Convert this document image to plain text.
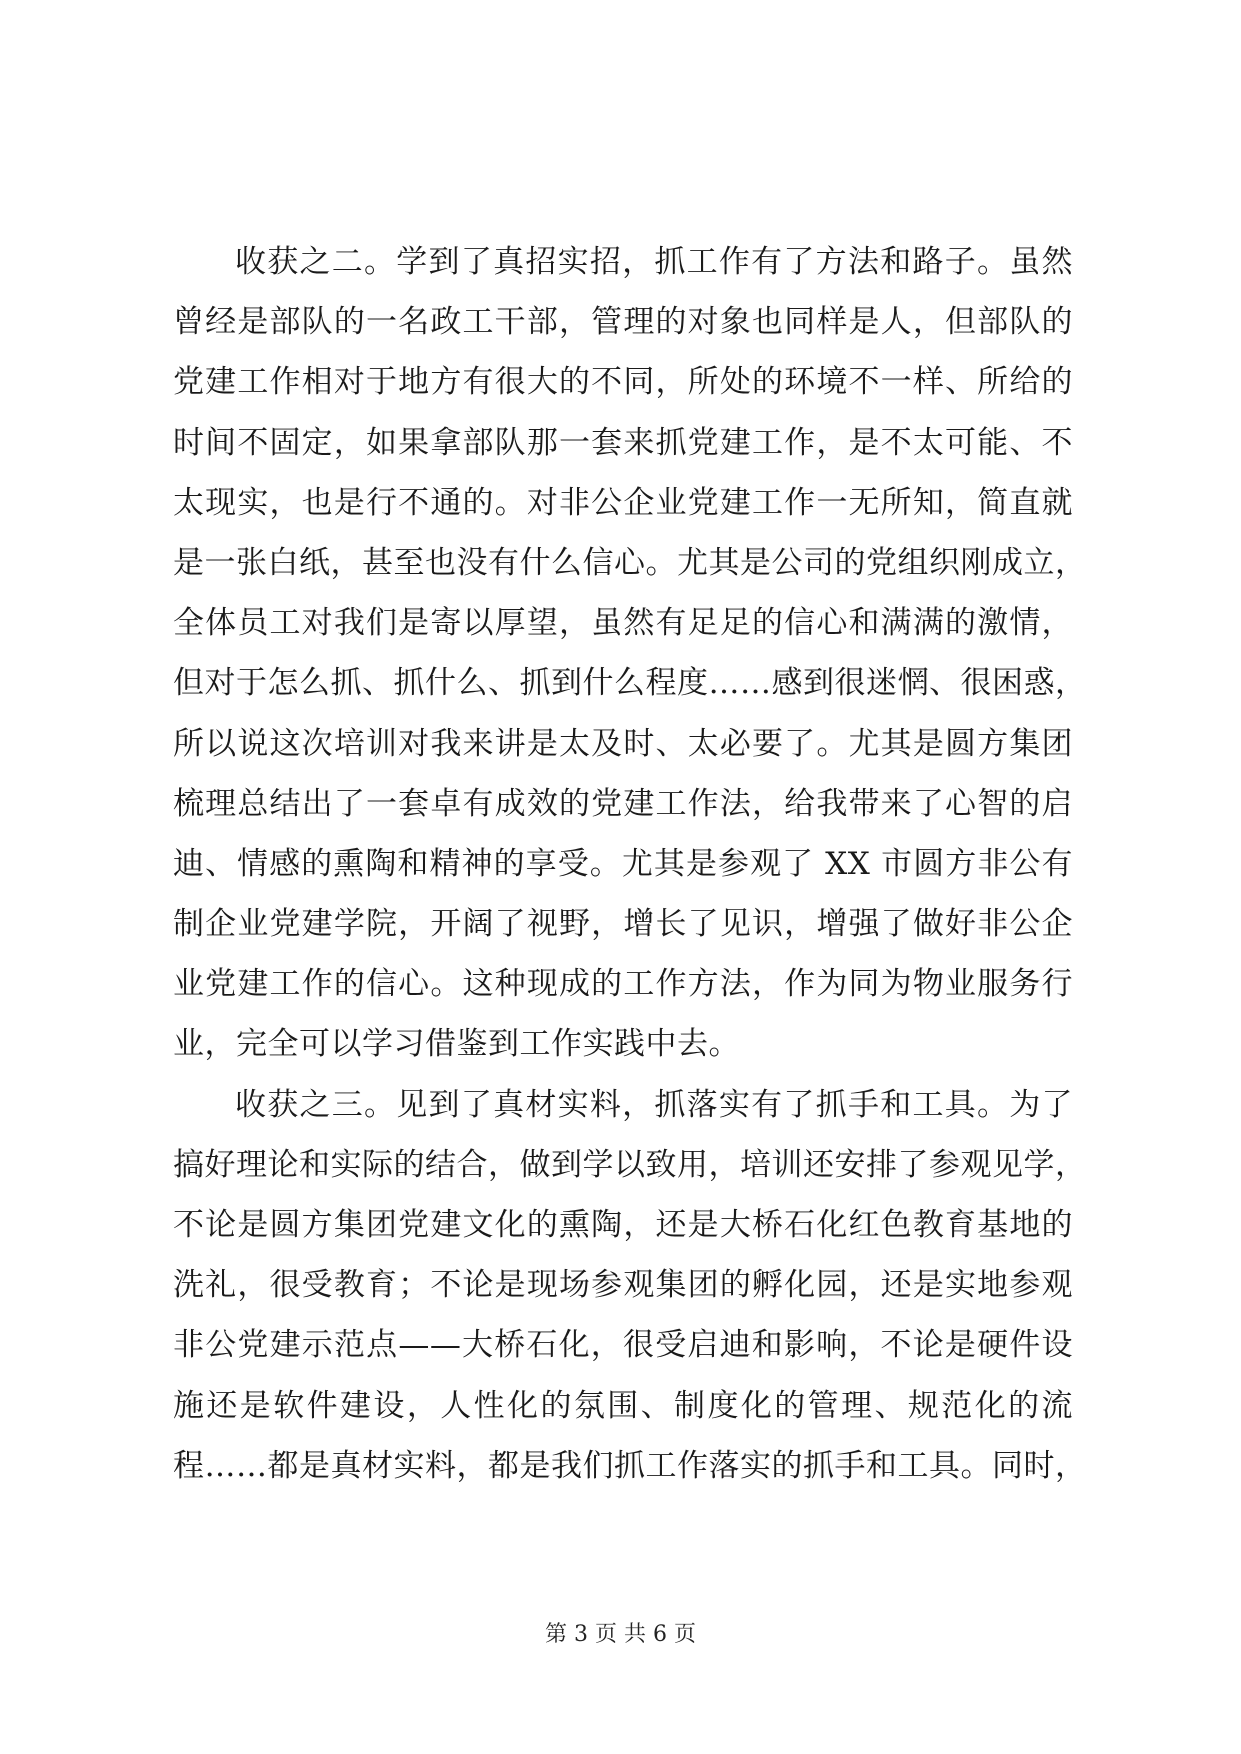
收获之二。学到了真招实招，抓工作有了方法和路子。虽然
曾经是部队的一名政工干部，管理的对象也同样是人，但部队的
党建工作相对于地方有很大的不同，所处的环境不一样、所给的
时间不固定，如果拿部队那一套来抓党建工作，是不太可能、不
太现实，也是行不通的。对非公企业党建工作一无所知，简直就
是一张白纸，甚至也没有什么信心。尤其是公司的党组织刚成立，
全体员工对我们是寄以厚望，虽然有足足的信心和满满的激情，
但对于怎么抓、抓什么、抓到什么程度……感到很迷惘、很困惑，
所以说这次培训对我来讲是太及时、太必要了。尤其是圆方集团
梳理总结出了一套卓有成效的党建工作法，给我带来了心智的启
迪、情感的熏陶和精神的享受。尤其是参观了 XX 市圆方非公有
制企业党建学院，开阔了视野，增长了见识，增强了做好非公企
业党建工作的信心。这种现成的工作方法，作为同为物业服务行
业，完全可以学习借鉴到工作实践中去。
收获之三。见到了真材实料，抓落实有了抓手和工具。为了
搞好理论和实际的结合，做到学以致用，培训还安排了参观见学，
不论是圆方集团党建文化的熏陶，还是大桥石化红色教育基地的
洗礼，很受教育；不论是现场参观集团的孵化园，还是实地参观
非公党建示范点——大桥石化，很受启迪和影响，不论是硬件设
施还是软件建设，人性化的氛围、制度化的管理、规范化的流
程……都是真材实料，都是我们抓工作落实的抓手和工具。同时，
第 3 页 共 6 页
